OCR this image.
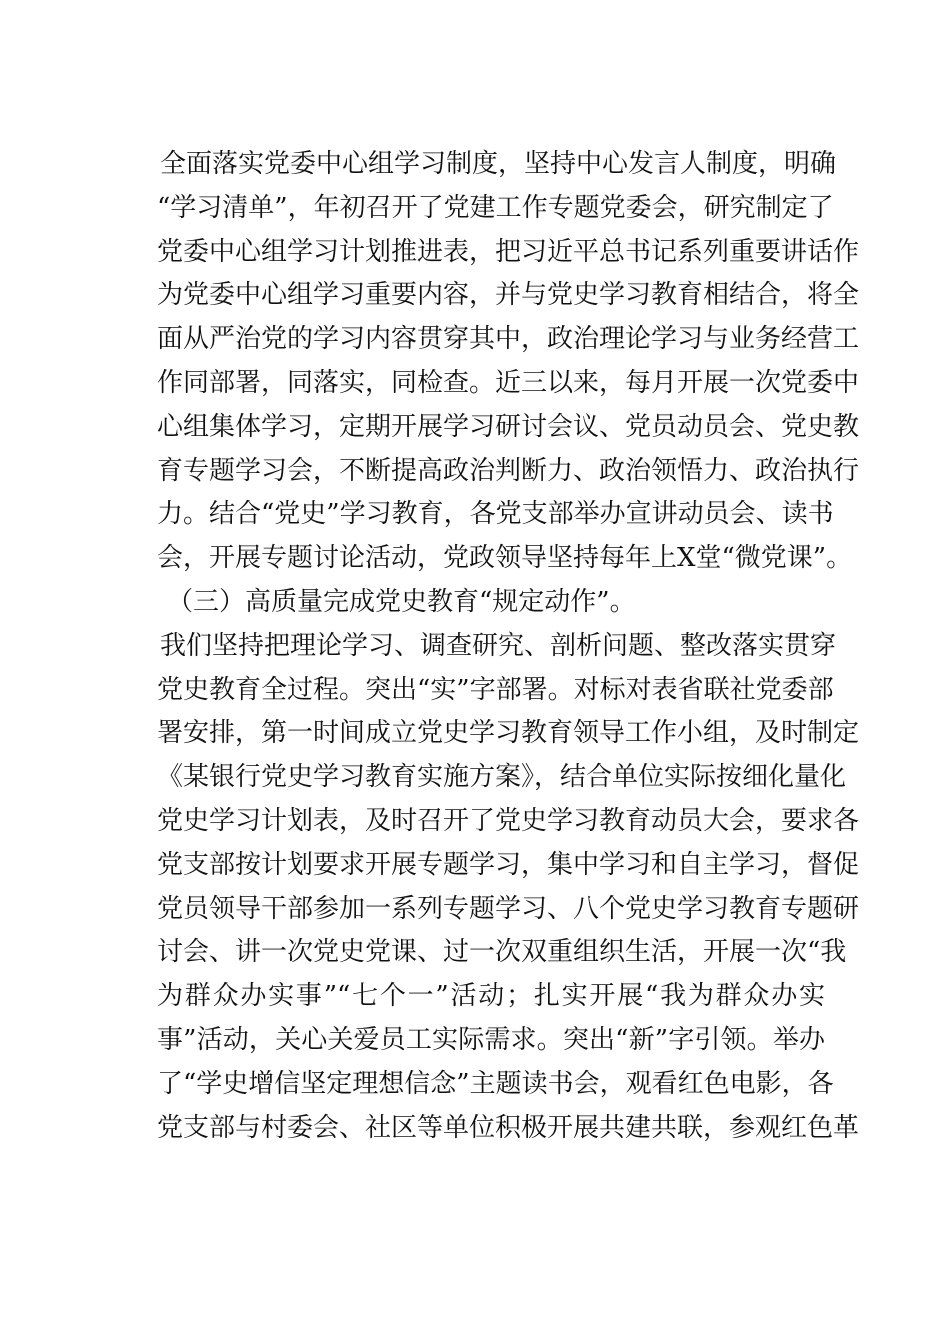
全面落实党委中心组学习制度，坚持中心发言人制度，明确
“学习清单”，年初召开了党建工作专题党委会，研究制定了
党委中心组学习计划推进表，把习近平总书记系列重要讲话作
为党委中心组学习重要内容，并与党史学习教育相结合，将全
面从严治党的学习内容贯穿其中，政治理论学习与业务经营工
作同部署，同落实，同检查。近三以来，每月开展一次党委中
心组集体学习，定期开展学习研讨会议、党员动员会、党史教
育专题学习会，不断提高政治判断力、政治领悟力、政治执行
力。结合“党史”学习教育，各党支部举办宣讲动员会、读书
会，开展专题讨论活动，党政领导坚持每年上X堂“微党课”。
（三）高质量完成党史教育“规定动作”。
我们坚持把理论学习、调查研究、剖析问题、整改落实贯穿
党史教育全过程。突出“实”字部署。对标对表省联社党委部
署安排，第一时间成立党史学习教育领导工作小组，及时制定
《某银行党史学习教育实施方案》，结合单位实际按细化量化
党史学习计划表，及时召开了党史学习教育动员大会，要求各
党支部按计划要求开展专题学习，集中学习和自主学习，督促
党员领导干部参加一系列专题学习、八个党史学习教育专题研
讨会、讲一次党史党课、过一次双重组织生活，开展一次“我
为群众办实事”“七个一”活动；扎实开展“我为群众办实
事”活动，关心关爱员工实际需求。突出“新”字引领。举办
了“学史增信坚定理想信念”主题读书会，观看红色电影，各
党支部与村委会、社区等单位积极开展共建共联，参观红色革
